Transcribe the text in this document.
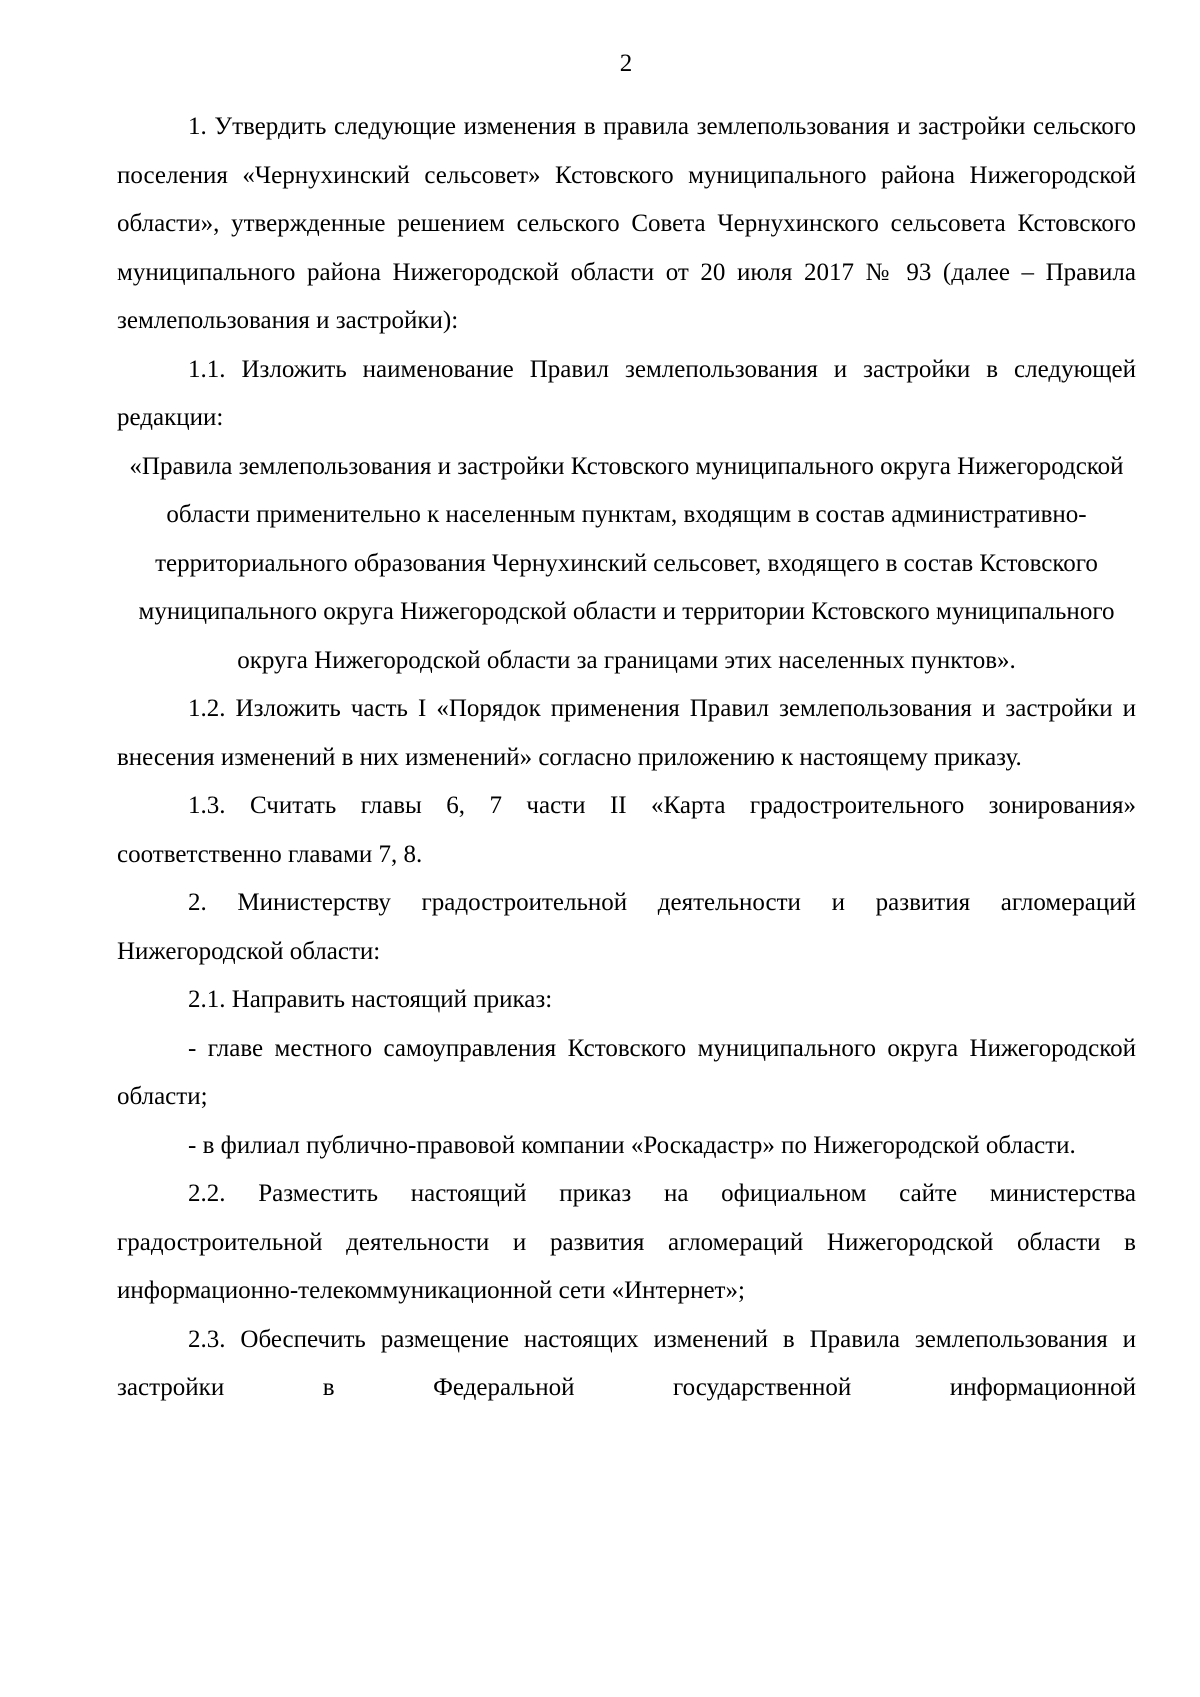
2

1. Утвердить следующие изменения в правила землепользования и застройки сельского поселения «Чернухинский сельсовет» Кстовского муниципального района Нижегородской области», утвержденные решением сельского Совета Чернухинского сельсовета Кстовского муниципального района Нижегородской области от 20 июля 2017 № 93 (далее – Правила землепользования и застройки):

1.1. Изложить наименование Правил землепользования и застройки в следующей редакции:

«Правила землепользования и застройки Кстовского муниципального округа Нижегородской области применительно к населенным пунктам, входящим в состав административно-территориального образования Чернухинский сельсовет, входящего в состав Кстовского муниципального округа Нижегородской области и территории Кстовского муниципального округа Нижегородской области за границами этих населенных пунктов».

1.2. Изложить часть I «Порядок применения Правил землепользования и застройки и внесения изменений в них изменений» согласно приложению к настоящему приказу.

1.3. Считать главы 6, 7 части II «Карта градостроительного зонирования» соответственно главами 7, 8.

2. Министерству градостроительной деятельности и развития агломераций Нижегородской области:

2.1. Направить настоящий приказ:

- главе местного самоуправления Кстовского муниципального округа Нижегородской области;

- в филиал публично-правовой компании «Роскадастр» по Нижегородской области.

2.2. Разместить настоящий приказ на официальном сайте министерства градостроительной деятельности и развития агломераций Нижегородской области в информационно-телекоммуникационной сети «Интернет»;

2.3. Обеспечить размещение настоящих изменений в Правила землепользования и застройки в Федеральной государственной информационной
